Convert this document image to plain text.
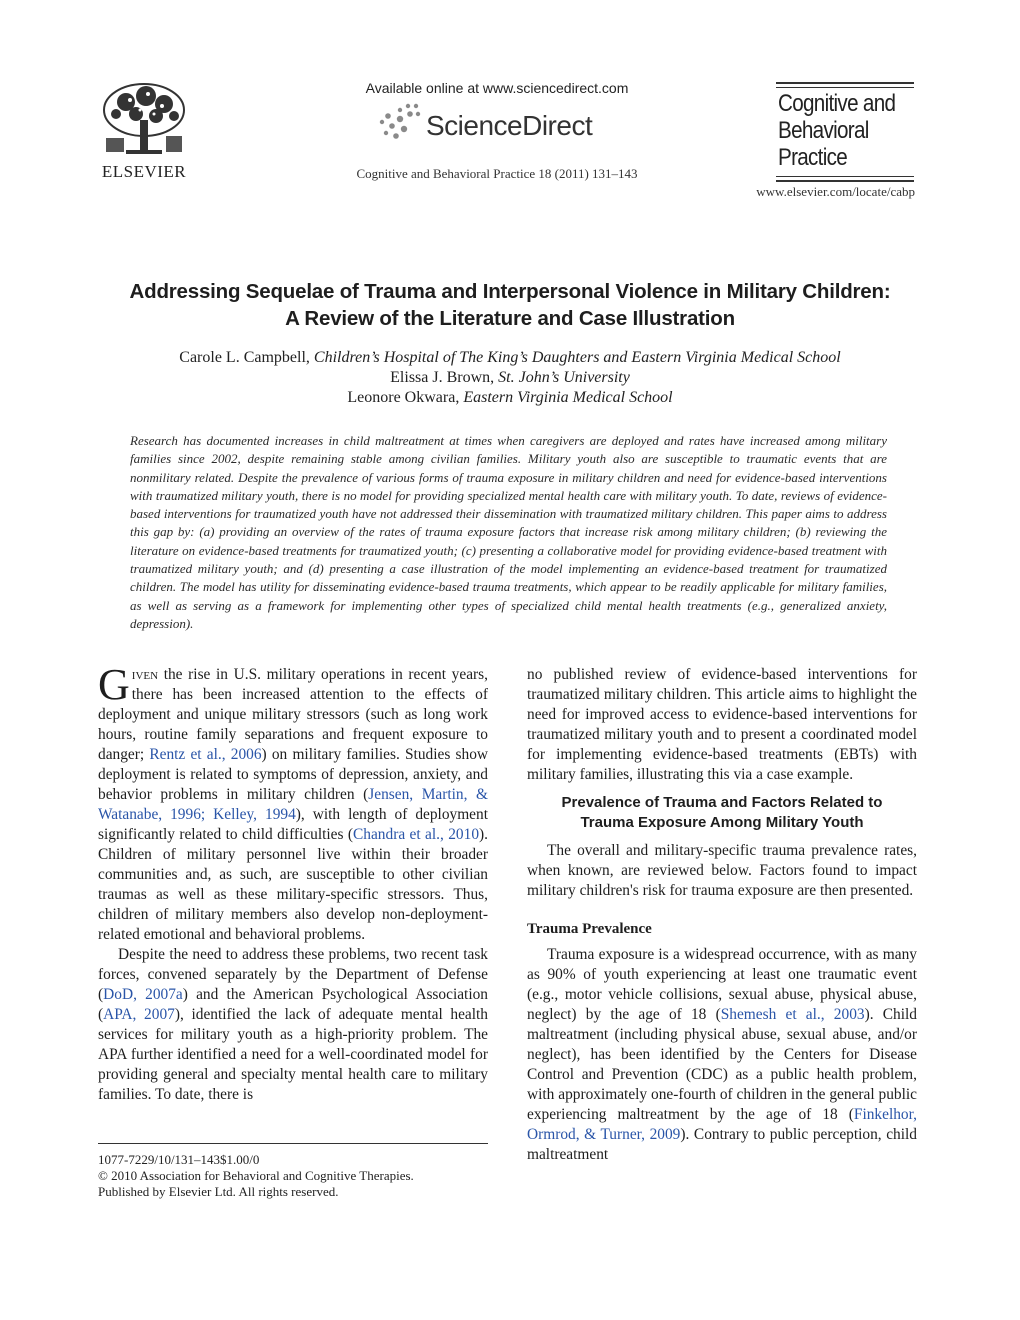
ELSEVIER
Available online at www.sciencedirect.com
ScienceDirect
Cognitive and Behavioral Practice 18 (2011) 131–143
Cognitive and
Behavioral
Practice
www.elsevier.com/locate/cabp
Addressing Sequelae of Trauma and Interpersonal Violence in Military Children:
A Review of the Literature and Case Illustration
Carole L. Campbell, Children’s Hospital of The King’s Daughters and Eastern Virginia Medical School
Elissa J. Brown, St. John’s University
Leonore Okwara, Eastern Virginia Medical School
Research has documented increases in child maltreatment at times when caregivers are deployed and rates have increased among military families since 2002, despite remaining stable among civilian families. Military youth also are susceptible to traumatic events that are nonmilitary related. Despite the prevalence of various forms of trauma exposure in military children and need for evidence-based interventions with traumatized military youth, there is no model for providing specialized mental health care with military youth. To date, reviews of evidence-based interventions for traumatized youth have not addressed their dissemination with traumatized military children. This paper aims to address this gap by: (a) providing an overview of the rates of trauma exposure factors that increase risk among military children; (b) reviewing the literature on evidence-based treatments for traumatized youth; (c) presenting a collaborative model for providing evidence-based treatment with traumatized military youth; and (d) presenting a case illustration of the model implementing an evidence-based treatment for traumatized children. The model has utility for disseminating evidence-based trauma treatments, which appear to be readily applicable for military families, as well as serving as a framework for implementing other types of specialized child mental health treatments (e.g., generalized anxiety, depression).

Given the rise in U.S. military operations in recent years, there has been increased attention to the effects of deployment and unique military stressors (such as long work hours, routine family separations and frequent exposure to danger; Rentz et al., 2006) on military families. Studies show deployment is related to symptoms of depression, anxiety, and behavior problems in military children (Jensen, Martin, & Watanabe, 1996; Kelley, 1994), with length of deployment significantly related to child difficulties (Chandra et al., 2010). Children of military personnel live within their broader communities and, as such, are susceptible to other civilian traumas as well as these military-specific stressors. Thus, children of military members also develop non-deployment-related emotional and behavioral problems.

Despite the need to address these problems, two recent task forces, convened separately by the Department of Defense (DoD, 2007a) and the American Psychological Association (APA, 2007), identified the lack of adequate mental health services for military youth as a high-priority problem. The APA further identified a need for a well-coordinated model for providing general and specialty mental health care to military families. To date, there is

1077-7229/10/131–143$1.00/0
© 2010 Association for Behavioral and Cognitive Therapies.
Published by Elsevier Ltd. All rights reserved.

no published review of evidence-based interventions for traumatized military children. This article aims to highlight the need for improved access to evidence-based interventions for traumatized military youth and to present a coordinated model for implementing evidence-based treatments (EBTs) with military families, illustrating this via a case example.

Prevalence of Trauma and Factors Related to
Trauma Exposure Among Military Youth

The overall and military-specific trauma prevalence rates, when known, are reviewed below. Factors found to impact military children's risk for trauma exposure are then presented.

Trauma Prevalence

Trauma exposure is a widespread occurrence, with as many as 90% of youth experiencing at least one traumatic event (e.g., motor vehicle collisions, sexual abuse, physical abuse, neglect) by the age of 18 (Shemesh et al., 2003). Child maltreatment (including physical abuse, sexual abuse, and/or neglect), has been identified by the Centers for Disease Control and Prevention (CDC) as a public health problem, with approximately one-fourth of children in the general public experiencing maltreatment by the age of 18 (Finkelhor, Ormrod, & Turner, 2009). Contrary to public perception, child maltreatment
